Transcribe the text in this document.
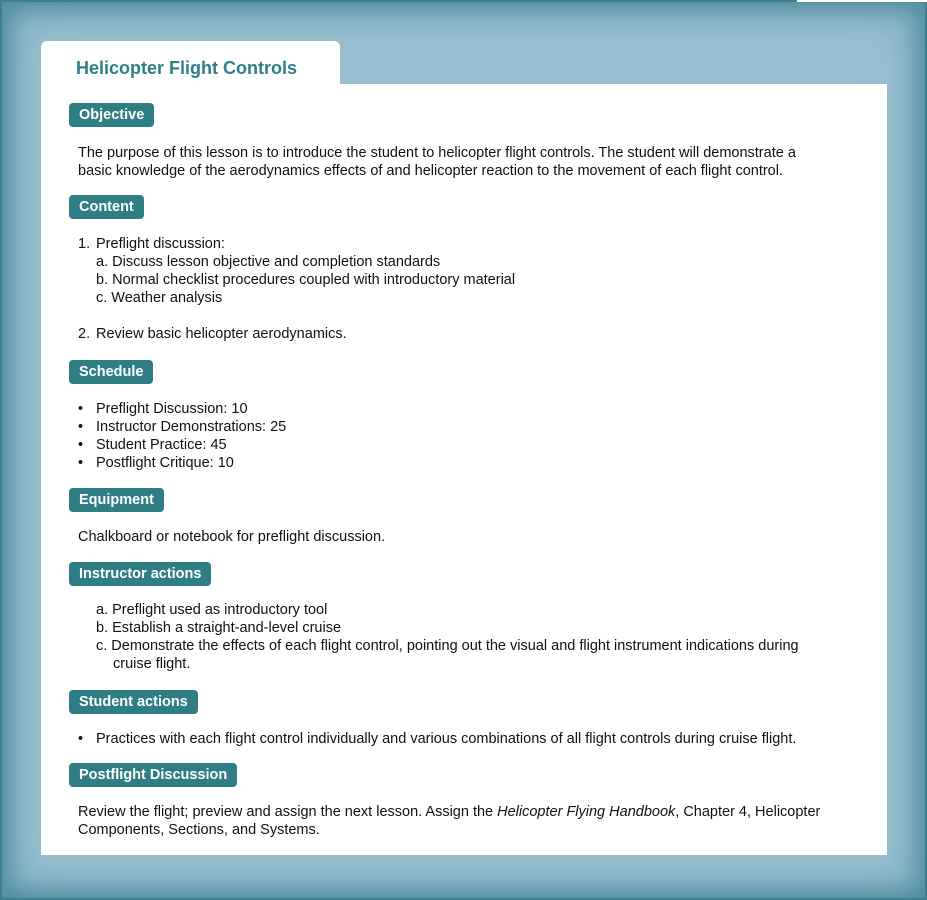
Helicopter Flight Controls
Objective

The purpose of this lesson is to introduce the student to helicopter flight controls. The student will demonstrate a
basic knowledge of the aerodynamics effects of and helicopter reaction to the movement of each flight control.

Content
1. Preflight discussion:
a. Discuss lesson objective and completion standards
b. Normal checklist procedures coupled with introductory material
c. Weather analysis
2. Review basic helicopter aerodynamics.
Schedule
• Preflight Discussion: 10
• Instructor Demonstrations: 25
• Student Practice: 45
• Postflight Critique: 10
Equipment

Chalkboard or notebook for preflight discussion.

Instructor actions
a. Preflight used as introductory tool
b. Establish a straight-and-level cruise
c. Demonstrate the effects of each flight control, pointing out the visual and flight instrument indications during
cruise flight.
Student actions
• Practices with each flight control individually and various combinations of all flight controls during cruise flight.
Postflight Discussion

Review the flight; preview and assign the next lesson. Assign the Helicopter Flying Handbook, Chapter 4, Helicopter
Components, Sections, and Systems.
